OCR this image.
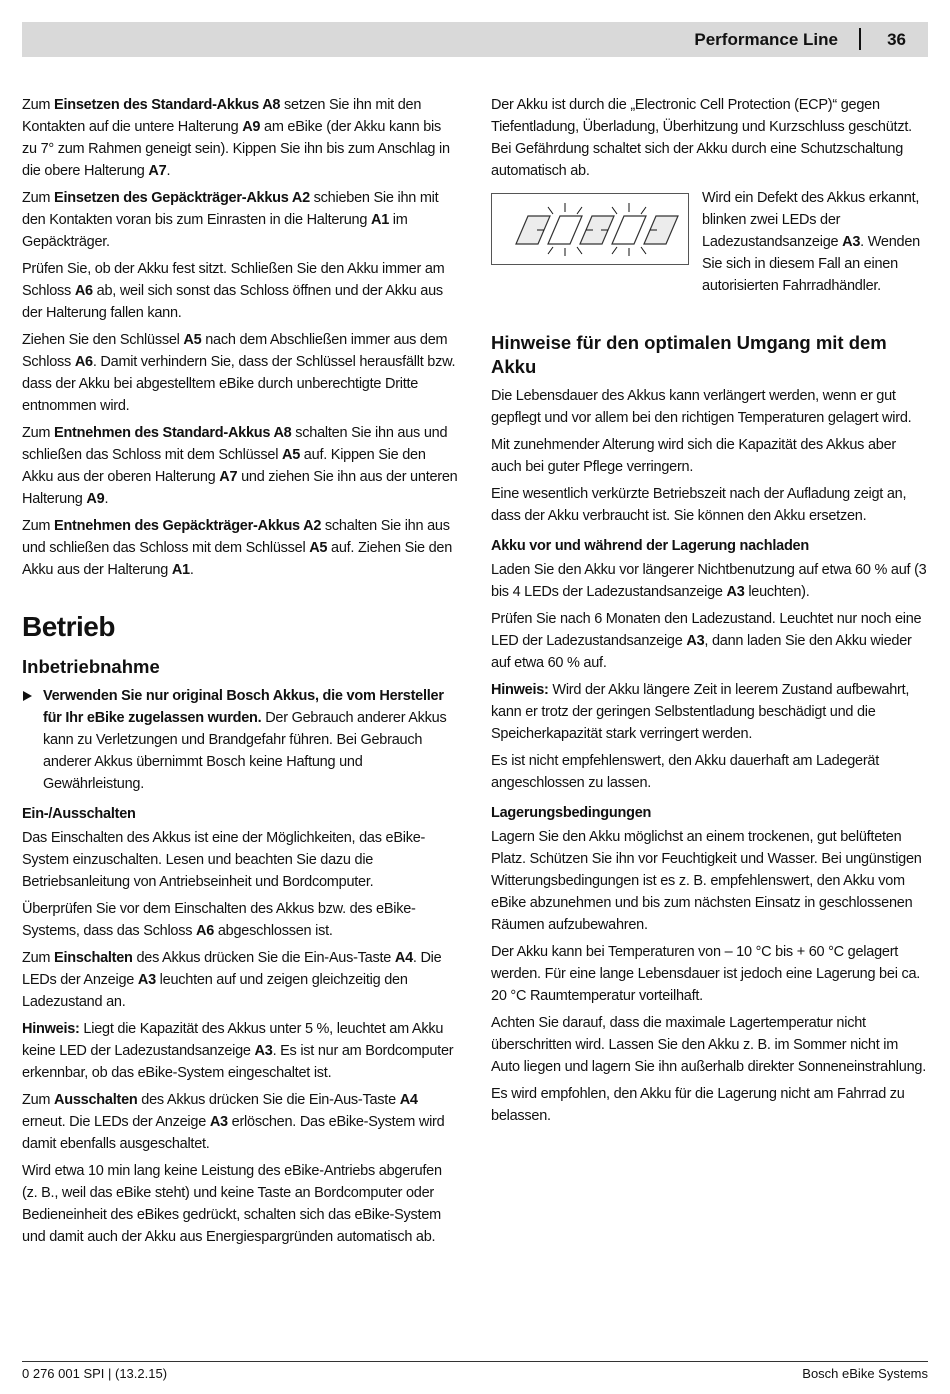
Performance Line	36

Zum Einsetzen des Standard-Akkus A8 setzen Sie ihn mit den Kontakten auf die untere Halterung A9 am eBike (der Akku kann bis zu 7° zum Rahmen geneigt sein). Kippen Sie ihn bis zum Anschlag in die obere Halterung A7.

Zum Einsetzen des Gepäckträger-Akkus A2 schieben Sie ihn mit den Kontakten voran bis zum Einrasten in die Halterung A1 im Gepäckträger.

Prüfen Sie, ob der Akku fest sitzt. Schließen Sie den Akku immer am Schloss A6 ab, weil sich sonst das Schloss öffnen und der Akku aus der Halterung fallen kann.

Ziehen Sie den Schlüssel A5 nach dem Abschließen immer aus dem Schloss A6. Damit verhindern Sie, dass der Schlüssel herausfällt bzw. dass der Akku bei abgestelltem eBike durch unberechtigte Dritte entnommen wird.

Zum Entnehmen des Standard-Akkus A8 schalten Sie ihn aus und schließen das Schloss mit dem Schlüssel A5 auf. Kippen Sie den Akku aus der oberen Halterung A7 und ziehen Sie ihn aus der unteren Halterung A9.

Zum Entnehmen des Gepäckträger-Akkus A2 schalten Sie ihn aus und schließen das Schloss mit dem Schlüssel A5 auf. Ziehen Sie den Akku aus der Halterung A1.

Betrieb
Inbetriebnahme

Verwenden Sie nur original Bosch Akkus, die vom Hersteller für Ihr eBike zugelassen wurden. Der Gebrauch anderer Akkus kann zu Verletzungen und Brandgefahr führen. Bei Gebrauch anderer Akkus übernimmt Bosch keine Haftung und Gewährleistung.

Ein-/Ausschalten

Das Einschalten des Akkus ist eine der Möglichkeiten, das eBike-System einzuschalten. Lesen und beachten Sie dazu die Betriebsanleitung von Antriebseinheit und Bordcomputer.

Überprüfen Sie vor dem Einschalten des Akkus bzw. des eBike-Systems, dass das Schloss A6 abgeschlossen ist.

Zum Einschalten des Akkus drücken Sie die Ein-Aus-Taste A4. Die LEDs der Anzeige A3 leuchten auf und zeigen gleichzeitig den Ladezustand an.

Hinweis: Liegt die Kapazität des Akkus unter 5 %, leuchtet am Akku keine LED der Ladezustandsanzeige A3. Es ist nur am Bordcomputer erkennbar, ob das eBike-System eingeschaltet ist.

Zum Ausschalten des Akkus drücken Sie die Ein-Aus-Taste A4 erneut. Die LEDs der Anzeige A3 erlöschen. Das eBike-System wird damit ebenfalls ausgeschaltet.

Wird etwa 10 min lang keine Leistung des eBike-Antriebs abgerufen (z. B., weil das eBike steht) und keine Taste an Bordcomputer oder Bedieneinheit des eBikes gedrückt, schalten sich das eBike-System und damit auch der Akku aus Energiespargründen automatisch ab.

Der Akku ist durch die „Electronic Cell Protection (ECP)“ gegen Tiefentladung, Überladung, Überhitzung und Kurzschluss geschützt. Bei Gefährdung schaltet sich der Akku durch eine Schutzschaltung automatisch ab.

Wird ein Defekt des Akkus erkannt, blinken zwei LEDs der Ladezustandsanzeige A3. Wenden Sie sich in diesem Fall an einen autorisierten Fahrradhändler.

Hinweise für den optimalen Umgang mit dem Akku

Die Lebensdauer des Akkus kann verlängert werden, wenn er gut gepflegt und vor allem bei den richtigen Temperaturen gelagert wird.

Mit zunehmender Alterung wird sich die Kapazität des Akkus aber auch bei guter Pflege verringern.

Eine wesentlich verkürzte Betriebszeit nach der Aufladung zeigt an, dass der Akku verbraucht ist. Sie können den Akku ersetzen.

Akku vor und während der Lagerung nachladen

Laden Sie den Akku vor längerer Nichtbenutzung auf etwa 60 % auf (3 bis 4 LEDs der Ladezustandsanzeige A3 leuchten).

Prüfen Sie nach 6 Monaten den Ladezustand. Leuchtet nur noch eine LED der Ladezustandsanzeige A3, dann laden Sie den Akku wieder auf etwa 60 % auf.

Hinweis: Wird der Akku längere Zeit in leerem Zustand aufbewahrt, kann er trotz der geringen Selbstentladung beschädigt und die Speicherkapazität stark verringert werden.

Es ist nicht empfehlenswert, den Akku dauerhaft am Ladegerät angeschlossen zu lassen.

Lagerungsbedingungen

Lagern Sie den Akku möglichst an einem trockenen, gut belüfteten Platz. Schützen Sie ihn vor Feuchtigkeit und Wasser. Bei ungünstigen Witterungsbedingungen ist es z. B. empfehlenswert, den Akku vom eBike abzunehmen und bis zum nächsten Einsatz in geschlossenen Räumen aufzubewahren.

Der Akku kann bei Temperaturen von – 10 °C bis + 60 °C gelagert werden. Für eine lange Lebensdauer ist jedoch eine Lagerung bei ca. 20 °C Raumtemperatur vorteilhaft.

Achten Sie darauf, dass die maximale Lagertemperatur nicht überschritten wird. Lassen Sie den Akku z. B. im Sommer nicht im Auto liegen und lagern Sie ihn außerhalb direkter Sonneneinstrahlung.

Es wird empfohlen, den Akku für die Lagerung nicht am Fahrrad zu belassen.

0 276 001 SPI | (13.2.15)	Bosch eBike Systems
